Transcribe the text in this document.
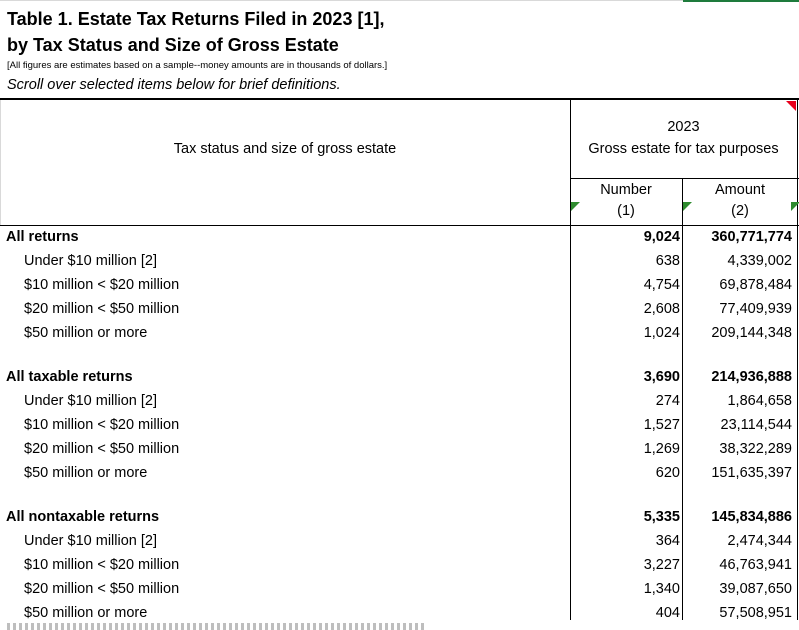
Table 1. Estate Tax Returns Filed in 2023 [1],
by Tax Status and Size of Gross Estate
[All figures are estimates based on a sample--money amounts are in thousands of dollars.]
Scroll over selected items below for brief definitions.
Tax status and size of gross estate
2023
Gross estate for tax purposes
Number	Amount
(1)	(2)
All returns	9,024	360,771,774
Under $10 million [2]	638	4,339,002
$10 million < $20 million	4,754	69,878,484
$20 million < $50 million	2,608	77,409,939
$50 million or more	1,024	209,144,348
All taxable returns	3,690	214,936,888
Under $10 million [2]	274	1,864,658
$10 million < $20 million	1,527	23,114,544
$20 million < $50 million	1,269	38,322,289
$50 million or more	620	151,635,397
All nontaxable returns	5,335	145,834,886
Under $10 million [2]	364	2,474,344
$10 million < $20 million	3,227	46,763,941
$20 million < $50 million	1,340	39,087,650
$50 million or more	404	57,508,951
